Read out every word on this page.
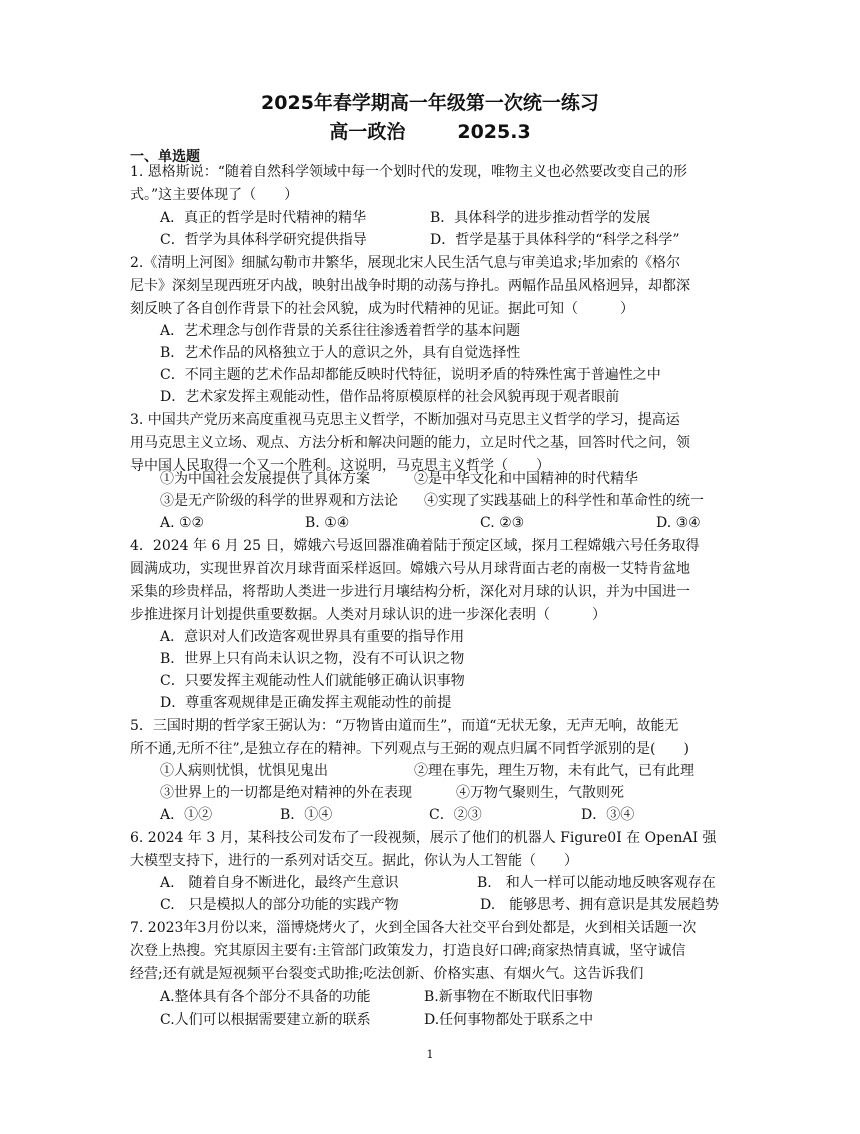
2025年春学期高一年级第一次统一练习
高一政治	2025.3
一、单选题
1. 恩格斯说：“随着自然科学领域中每一个划时代的发现，唯物主义也必然要改变自己的形
式。”这主要体现了（　　）
A．真正的哲学是时代精神的精华	B．具体科学的进步推动哲学的发展
C．哲学为具体科学研究提供指导	D．哲学是基于具体科学的“科学之科学”
2.《清明上河图》细腻勾勒市井繁华，展现北宋人民生活气息与审美追求;毕加索的《格尔
尼卡》深刻呈现西班牙内战，映射出战争时期的动荡与挣扎。两幅作品虽风格迥异，却都深
刻反映了各自创作背景下的社会风貌，成为时代精神的见证。据此可知（　　　）
A．艺术理念与创作背景的关系往往渗透着哲学的基本问题
B．艺术作品的风格独立于人的意识之外，具有自觉选择性
C．不同主题的艺术作品却都能反映时代特征，说明矛盾的特殊性寓于普遍性之中
D．艺术家发挥主观能动性，借作品将原模原样的社会风貌再现于观者眼前
3. 中国共产党历来高度重视马克思主义哲学，不断加强对马克思主义哲学的学习，提高运
用马克思主义立场、观点、方法分析和解决问题的能力，立足时代之基，回答时代之问，领
导中国人民取得一个又一个胜利。这说明，马克思主义哲学（　　）
①为中国社会发展提供了具体方案	②是中华文化和中国精神的时代精华
③是无产阶级的科学的世界观和方法论 ④实现了实践基础上的科学性和革命性的统一
A. ①②	B. ①④	C. ②③	D. ③④
4．2024 年 6 月 25 日，嫦娥六号返回器准确着陆于预定区域，探月工程嫦娥六号任务取得
圆满成功，实现世界首次月球背面采样返回。嫦娥六号从月球背面古老的南极一艾特肯盆地
采集的珍贵样品，将帮助人类进一步进行月壤结构分析，深化对月球的认识，并为中国进一
步推进探月计划提供重要数据。人类对月球认识的进一步深化表明（　　　）
A．意识对人们改造客观世界具有重要的指导作用
B．世界上只有尚未认识之物，没有不可认识之物
C．只要发挥主观能动性人们就能够正确认识事物
D．尊重客观规律是正确发挥主观能动性的前提
5．三国时期的哲学家王弼认为：“万物皆由道而生”，而道“无状无象，无声无响，故能无
所不通,无所不往”,是独立存在的精神。下列观点与王弼的观点归属不同哲学派别的是(　　)
①人病则忧惧，忧惧见鬼出	②理在事先，理生万物，未有此气，已有此理
③世界上的一切都是绝对精神的外在表现	④万物气聚则生，气散则死
A．①②	B．①④	C．②③	D．③④
6. 2024 年 3 月，某科技公司发布了一段视频，展示了他们的机器人 Figure0I 在 OpenAI 强
大模型支持下，进行的一系列对话交互。据此，你认为人工智能（　　）
A.　随着自身不断进化，最终产生意识	B.　和人一样可以能动地反映客观存在
C.　只是模拟人的部分功能的实践产物	D.　能够思考、拥有意识是其发展趋势
7. 2023年3月份以来，淄博烧烤火了，火到全国各大社交平台到处都是，火到相关话题一次
次登上热搜。究其原因主要有:主管部门政策发力，打造良好口碑;商家热情真诚，坚守诚信
经营;还有就是短视频平台裂变式助推;吃法创新、价格实惠、有烟火气。这告诉我们
A.整体具有各个部分不具备的功能	B.新事物在不断取代旧事物
C.人们可以根据需要建立新的联系	D.任何事物都处于联系之中
1
